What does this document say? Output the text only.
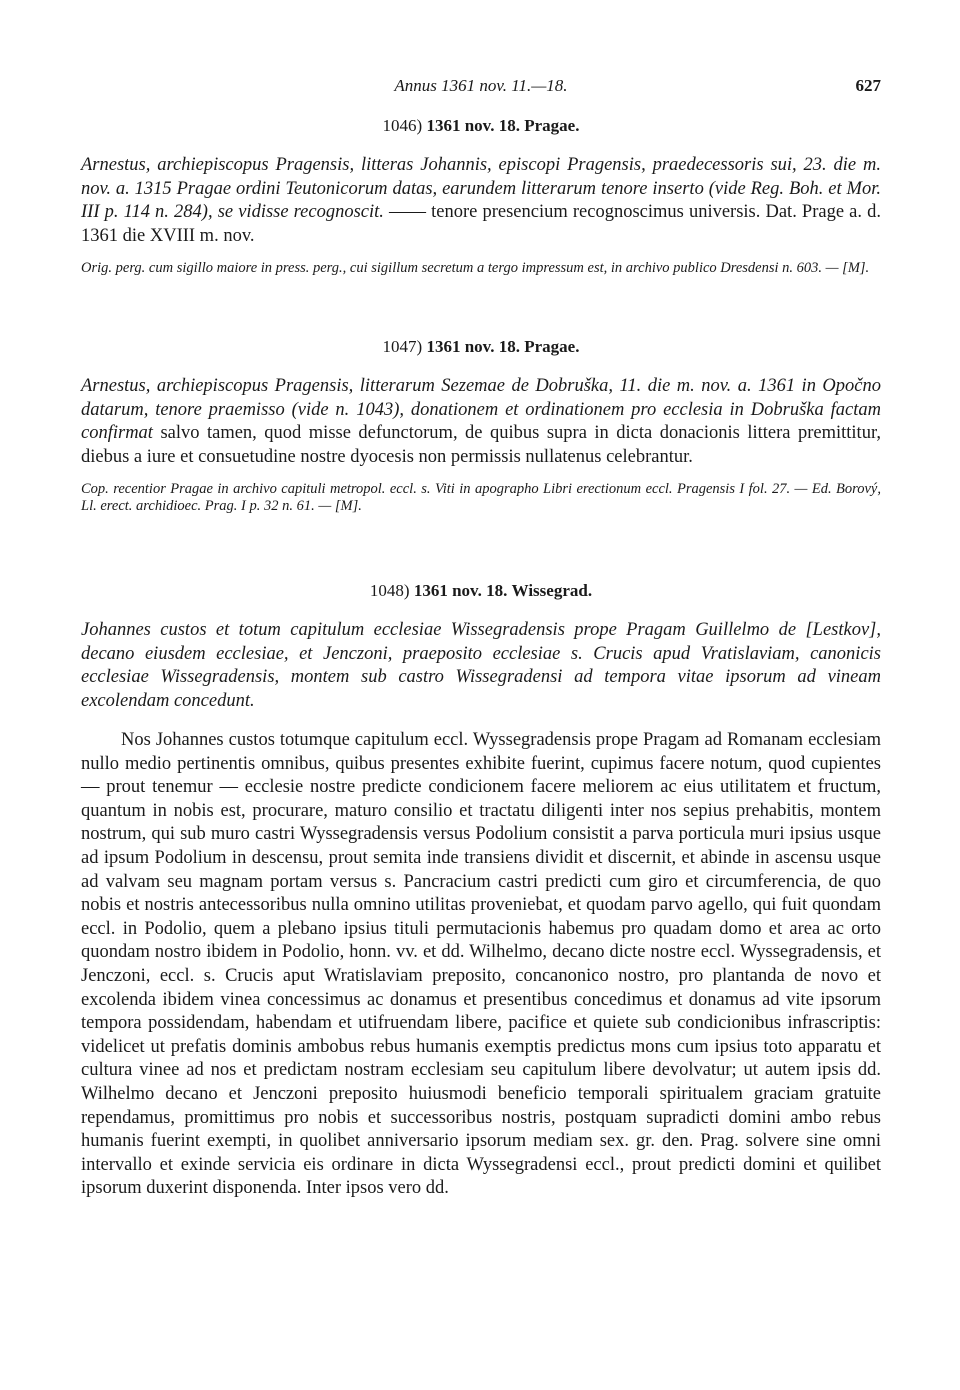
Annus 1361 nov. 11.—18.	627
1046) 1361 nov. 18. Pragae.

Arnestus, archiepiscopus Pragensis, litteras Johannis, episcopi Pragensis, praedecessoris sui, 23. die m. nov. a. 1315 Pragae ordini Teutonicorum datas, earundem litterarum tenore inserto (vide Reg. Boh. et Mor. III p. 114 n. 284), se vidisse recognoscit. —— tenore presencium recognoscimus universis. Dat. Prage a. d. 1361 die XVIII m. nov.

Orig. perg. cum sigillo maiore in press. perg., cui sigillum secretum a tergo impressum est, in archivo publico Dresdensi n. 603. — [M].

1047) 1361 nov. 18. Pragae.

Arnestus, archiepiscopus Pragensis, litterarum Sezemae de Dobruška, 11. die m. nov. a. 1361 in Opočno datarum, tenore praemisso (vide n. 1043), donationem et ordinationem pro ecclesia in Dobruška factam confirmat salvo tamen, quod misse defunctorum, de quibus supra in dicta donacionis littera premittitur, diebus a iure et consuetudine nostre dyocesis non permissis nullatenus celebrantur.

Cop. recentior Pragae in archivo capituli metropol. eccl. s. Viti in apographo Libri erectionum eccl. Pragensis I fol. 27. — Ed. Borový, Ll. erect. archidioec. Prag. I p. 32 n. 61. — [M].

1048) 1361 nov. 18. Wissegrad.

Johannes custos et totum capitulum ecclesiae Wissegradensis prope Pragam Guillelmo de [Lestkov], decano eiusdem ecclesiae, et Jenczoni, praeposito ecclesiae s. Crucis apud Vratislaviam, canonicis ecclesiae Wissegradensis, montem sub castro Wissegradensi ad tempora vitae ipsorum ad vineam excolendam concedunt.

Nos Johannes custos totumque capitulum eccl. Wyssegradensis prope Pragam ad Romanam ecclesiam nullo medio pertinentis omnibus, quibus presentes exhibite fuerint, cupimus facere notum, quod cupientes — prout tenemur — ecclesie nostre predicte condicionem facere meliorem ac eius utilitatem et fructum, quantum in nobis est, procurare, maturo consilio et tractatu diligenti inter nos sepius prehabitis, montem nostrum, qui sub muro castri Wyssegradensis versus Podolium consistit a parva porticula muri ipsius usque ad ipsum Podolium in descensu, prout semita inde transiens dividit et discernit, et abinde in ascensu usque ad valvam seu magnam portam versus s. Pancracium castri predicti cum giro et circumferencia, de quo nobis et nostris antecessoribus nulla omnino utilitas proveniebat, et quodam parvo agello, qui fuit quondam eccl. in Podolio, quem a plebano ipsius tituli permutacionis habemus pro quadam domo et area ac orto quondam nostro ibidem in Podolio, honn. vv. et dd. Wilhelmo, decano dicte nostre eccl. Wyssegradensis, et Jenczoni, eccl. s. Crucis aput Wratislaviam preposito, concanonico nostro, pro plantanda de novo et excolenda ibidem vinea concessimus ac donamus et presentibus concedimus et donamus ad vite ipsorum tempora possidendam, habendam et utifruendam libere, pacifice et quiete sub condicionibus infrascriptis: videlicet ut prefatis dominis ambobus rebus humanis exemptis predictus mons cum ipsius toto apparatu et cultura vinee ad nos et predictam nostram ecclesiam seu capitulum libere devolvatur; ut autem ipsis dd. Wilhelmo decano et Jenczoni preposito huiusmodi beneficio temporali spiritualem graciam gratuite rependamus, promittimus pro nobis et successoribus nostris, postquam supradicti domini ambo rebus humanis fuerint exempti, in quolibet anniversario ipsorum mediam sex. gr. den. Prag. solvere sine omni intervallo et exinde servicia eis ordinare in dicta Wyssegradensi eccl., prout predicti domini et quilibet ipsorum duxerint disponenda. Inter ipsos vero dd.
